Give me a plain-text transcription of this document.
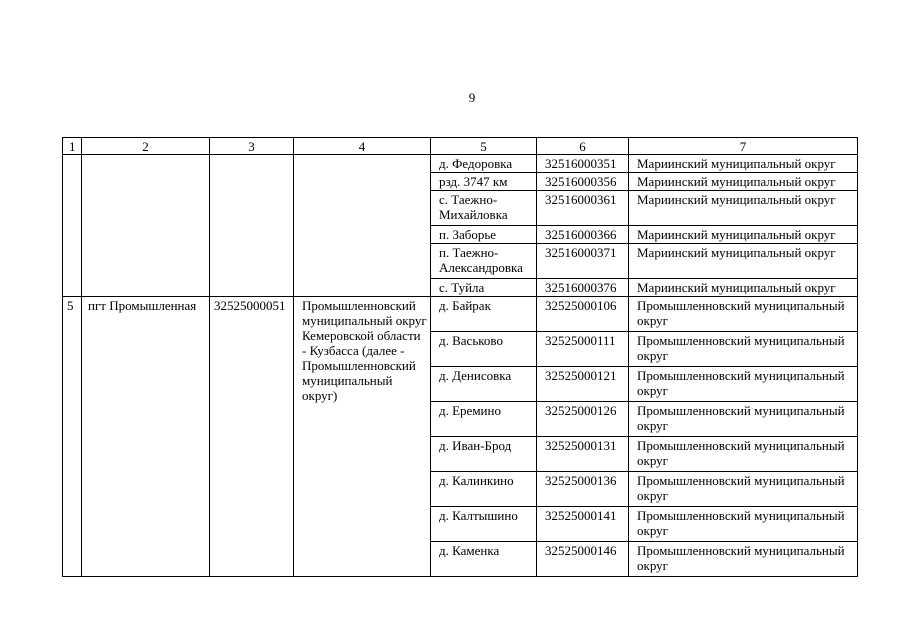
9
1	2	3	4	5	6	7
				д. Федоровка	32516000351	Мариинский муниципальный округ
				рзд. 3747 км	32516000356	Мариинский муниципальный округ
				с. Таежно-Михайловка	32516000361	Мариинский муниципальный округ
				п. Заборье	32516000366	Мариинский муниципальный округ
				п. Таежно-Александровка	32516000371	Мариинский муниципальный округ
				с. Туйла	32516000376	Мариинский муниципальный округ
5	пгт Промышленная	32525000051	Промышленновский муниципальный округ Кемеровской области - Кузбасса (далее - Промышленновский муниципальный округ)	д. Байрак	32525000106	Промышленновский муниципальный округ
				д. Васьково	32525000111	Промышленновский муниципальный округ
				д. Денисовка	32525000121	Промышленновский муниципальный округ
				д. Еремино	32525000126	Промышленновский муниципальный округ
				д. Иван-Брод	32525000131	Промышленновский муниципальный округ
				д. Калинкино	32525000136	Промышленновский муниципальный округ
				д. Калтышино	32525000141	Промышленновский муниципальный округ
				д. Каменка	32525000146	Промышленновский муниципальный округ
